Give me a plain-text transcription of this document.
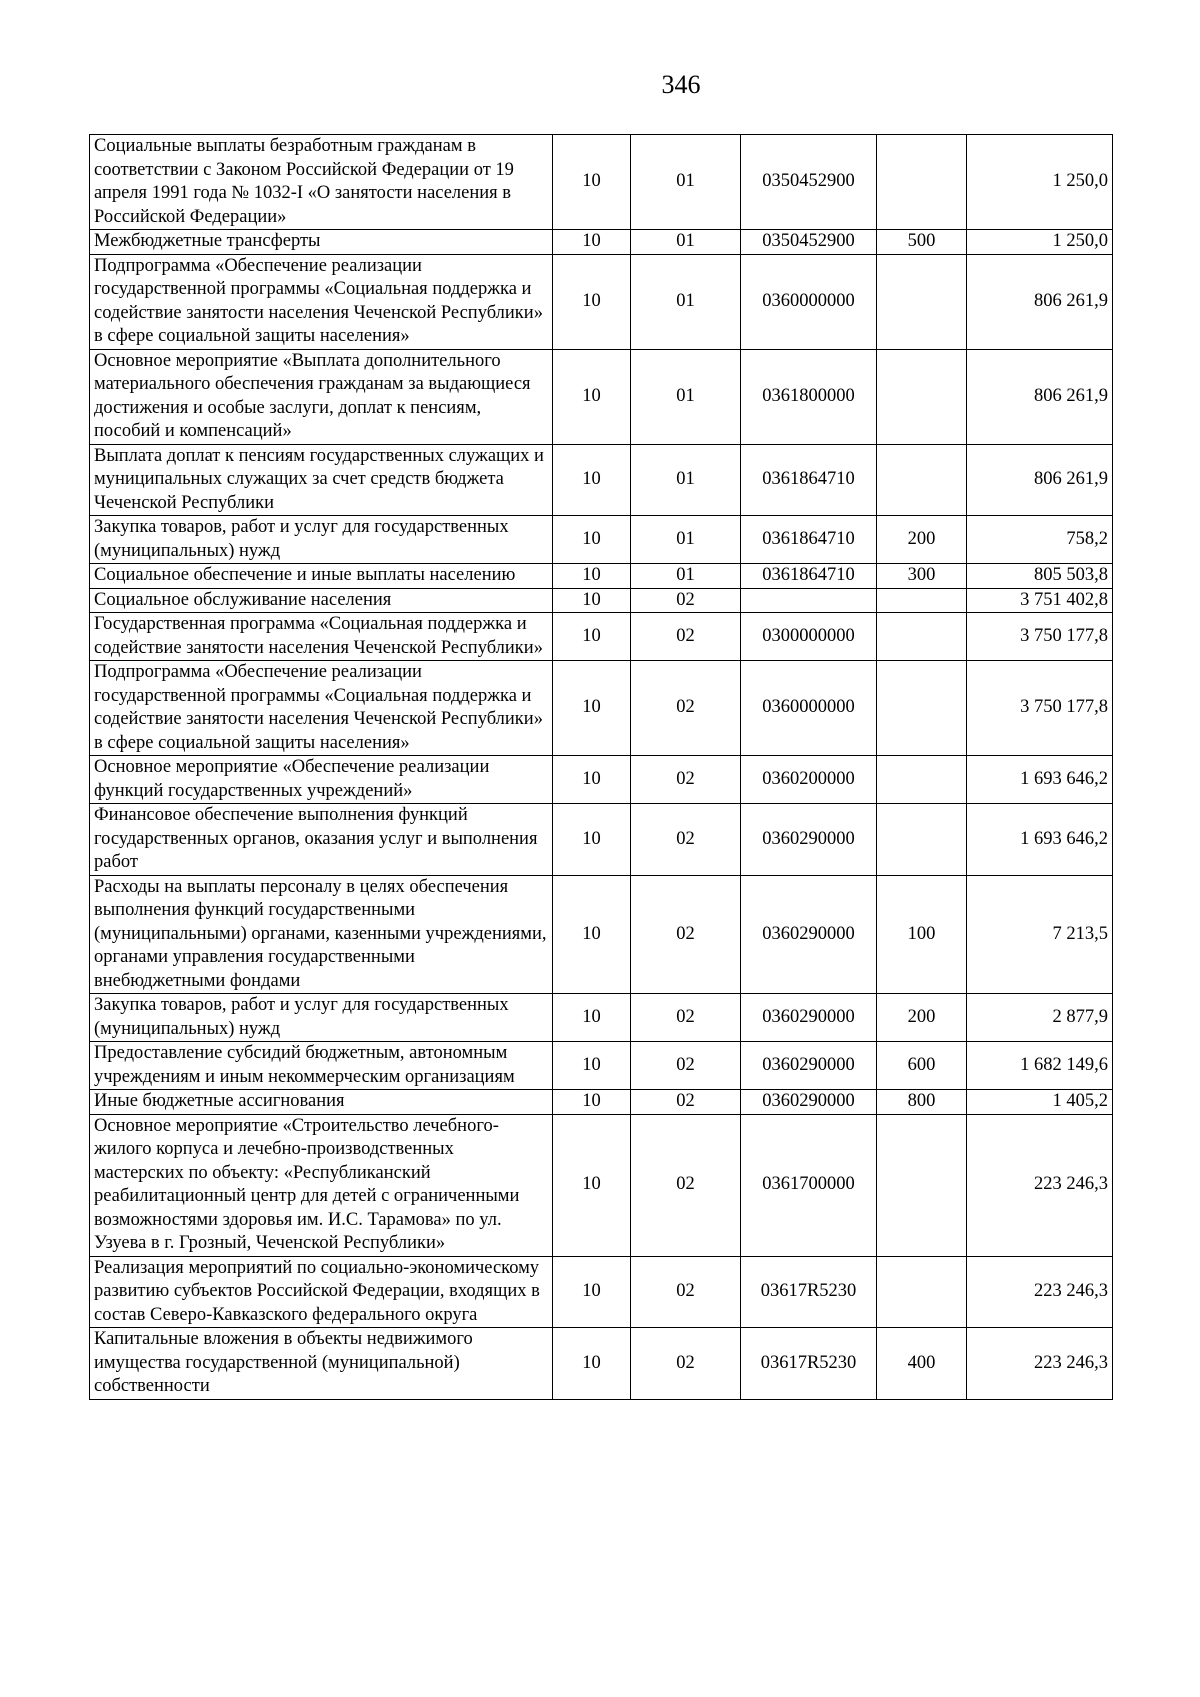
346
Социальные выплаты безработным гражданам в соответствии с Законом Российской Федерации от 19 апреля 1991 года № 1032-I «О занятости населения в Российской Федерации»	10	01	0350452900		1 250,0
Межбюджетные трансферты	10	01	0350452900	500	1 250,0
Подпрограмма «Обеспечение реализации государственной программы «Социальная поддержка и содействие занятости населения Чеченской Республики» в сфере социальной защиты населения»	10	01	0360000000		806 261,9
Основное мероприятие «Выплата дополнительного материального обеспечения гражданам за выдающиеся достижения и особые заслуги, доплат к пенсиям, пособий и компенсаций»	10	01	0361800000		806 261,9
Выплата доплат к пенсиям государственных служащих и муниципальных служащих за счет средств бюджета Чеченской Республики	10	01	0361864710		806 261,9
Закупка товаров, работ и услуг для государственных (муниципальных) нужд	10	01	0361864710	200	758,2
Социальное обеспечение и иные выплаты населению	10	01	0361864710	300	805 503,8
Социальное обслуживание населения	10	02			3 751 402,8
Государственная программа «Социальная поддержка и содействие занятости населения Чеченской Республики»	10	02	0300000000		3 750 177,8
Подпрограмма «Обеспечение реализации государственной программы «Социальная поддержка и содействие занятости населения Чеченской Республики» в сфере социальной защиты населения»	10	02	0360000000		3 750 177,8
Основное мероприятие «Обеспечение реализации функций государственных учреждений»	10	02	0360200000		1 693 646,2
Финансовое обеспечение выполнения функций государственных органов, оказания услуг и выполнения работ	10	02	0360290000		1 693 646,2
Расходы на выплаты персоналу в целях обеспечения выполнения функций государственными (муниципальными) органами, казенными учреждениями, органами управления государственными внебюджетными фондами	10	02	0360290000	100	7 213,5
Закупка товаров, работ и услуг для государственных (муниципальных) нужд	10	02	0360290000	200	2 877,9
Предоставление субсидий бюджетным, автономным учреждениям и иным некоммерческим организациям	10	02	0360290000	600	1 682 149,6
Иные бюджетные ассигнования	10	02	0360290000	800	1 405,2
Основное мероприятие «Строительство лечебного-жилого корпуса и лечебно-производственных мастерских по объекту: «Республиканский реабилитационный центр для детей с ограниченными возможностями здоровья им. И.С. Тарамова» по ул. Узуева в г. Грозный, Чеченской Республики»	10	02	0361700000		223 246,3
Реализация мероприятий по социально-экономическому развитию субъектов Российской Федерации, входящих в состав Северо-Кавказского федерального округа	10	02	03617R5230		223 246,3
Капитальные вложения в объекты недвижимого имущества государственной (муниципальной) собственности	10	02	03617R5230	400	223 246,3
